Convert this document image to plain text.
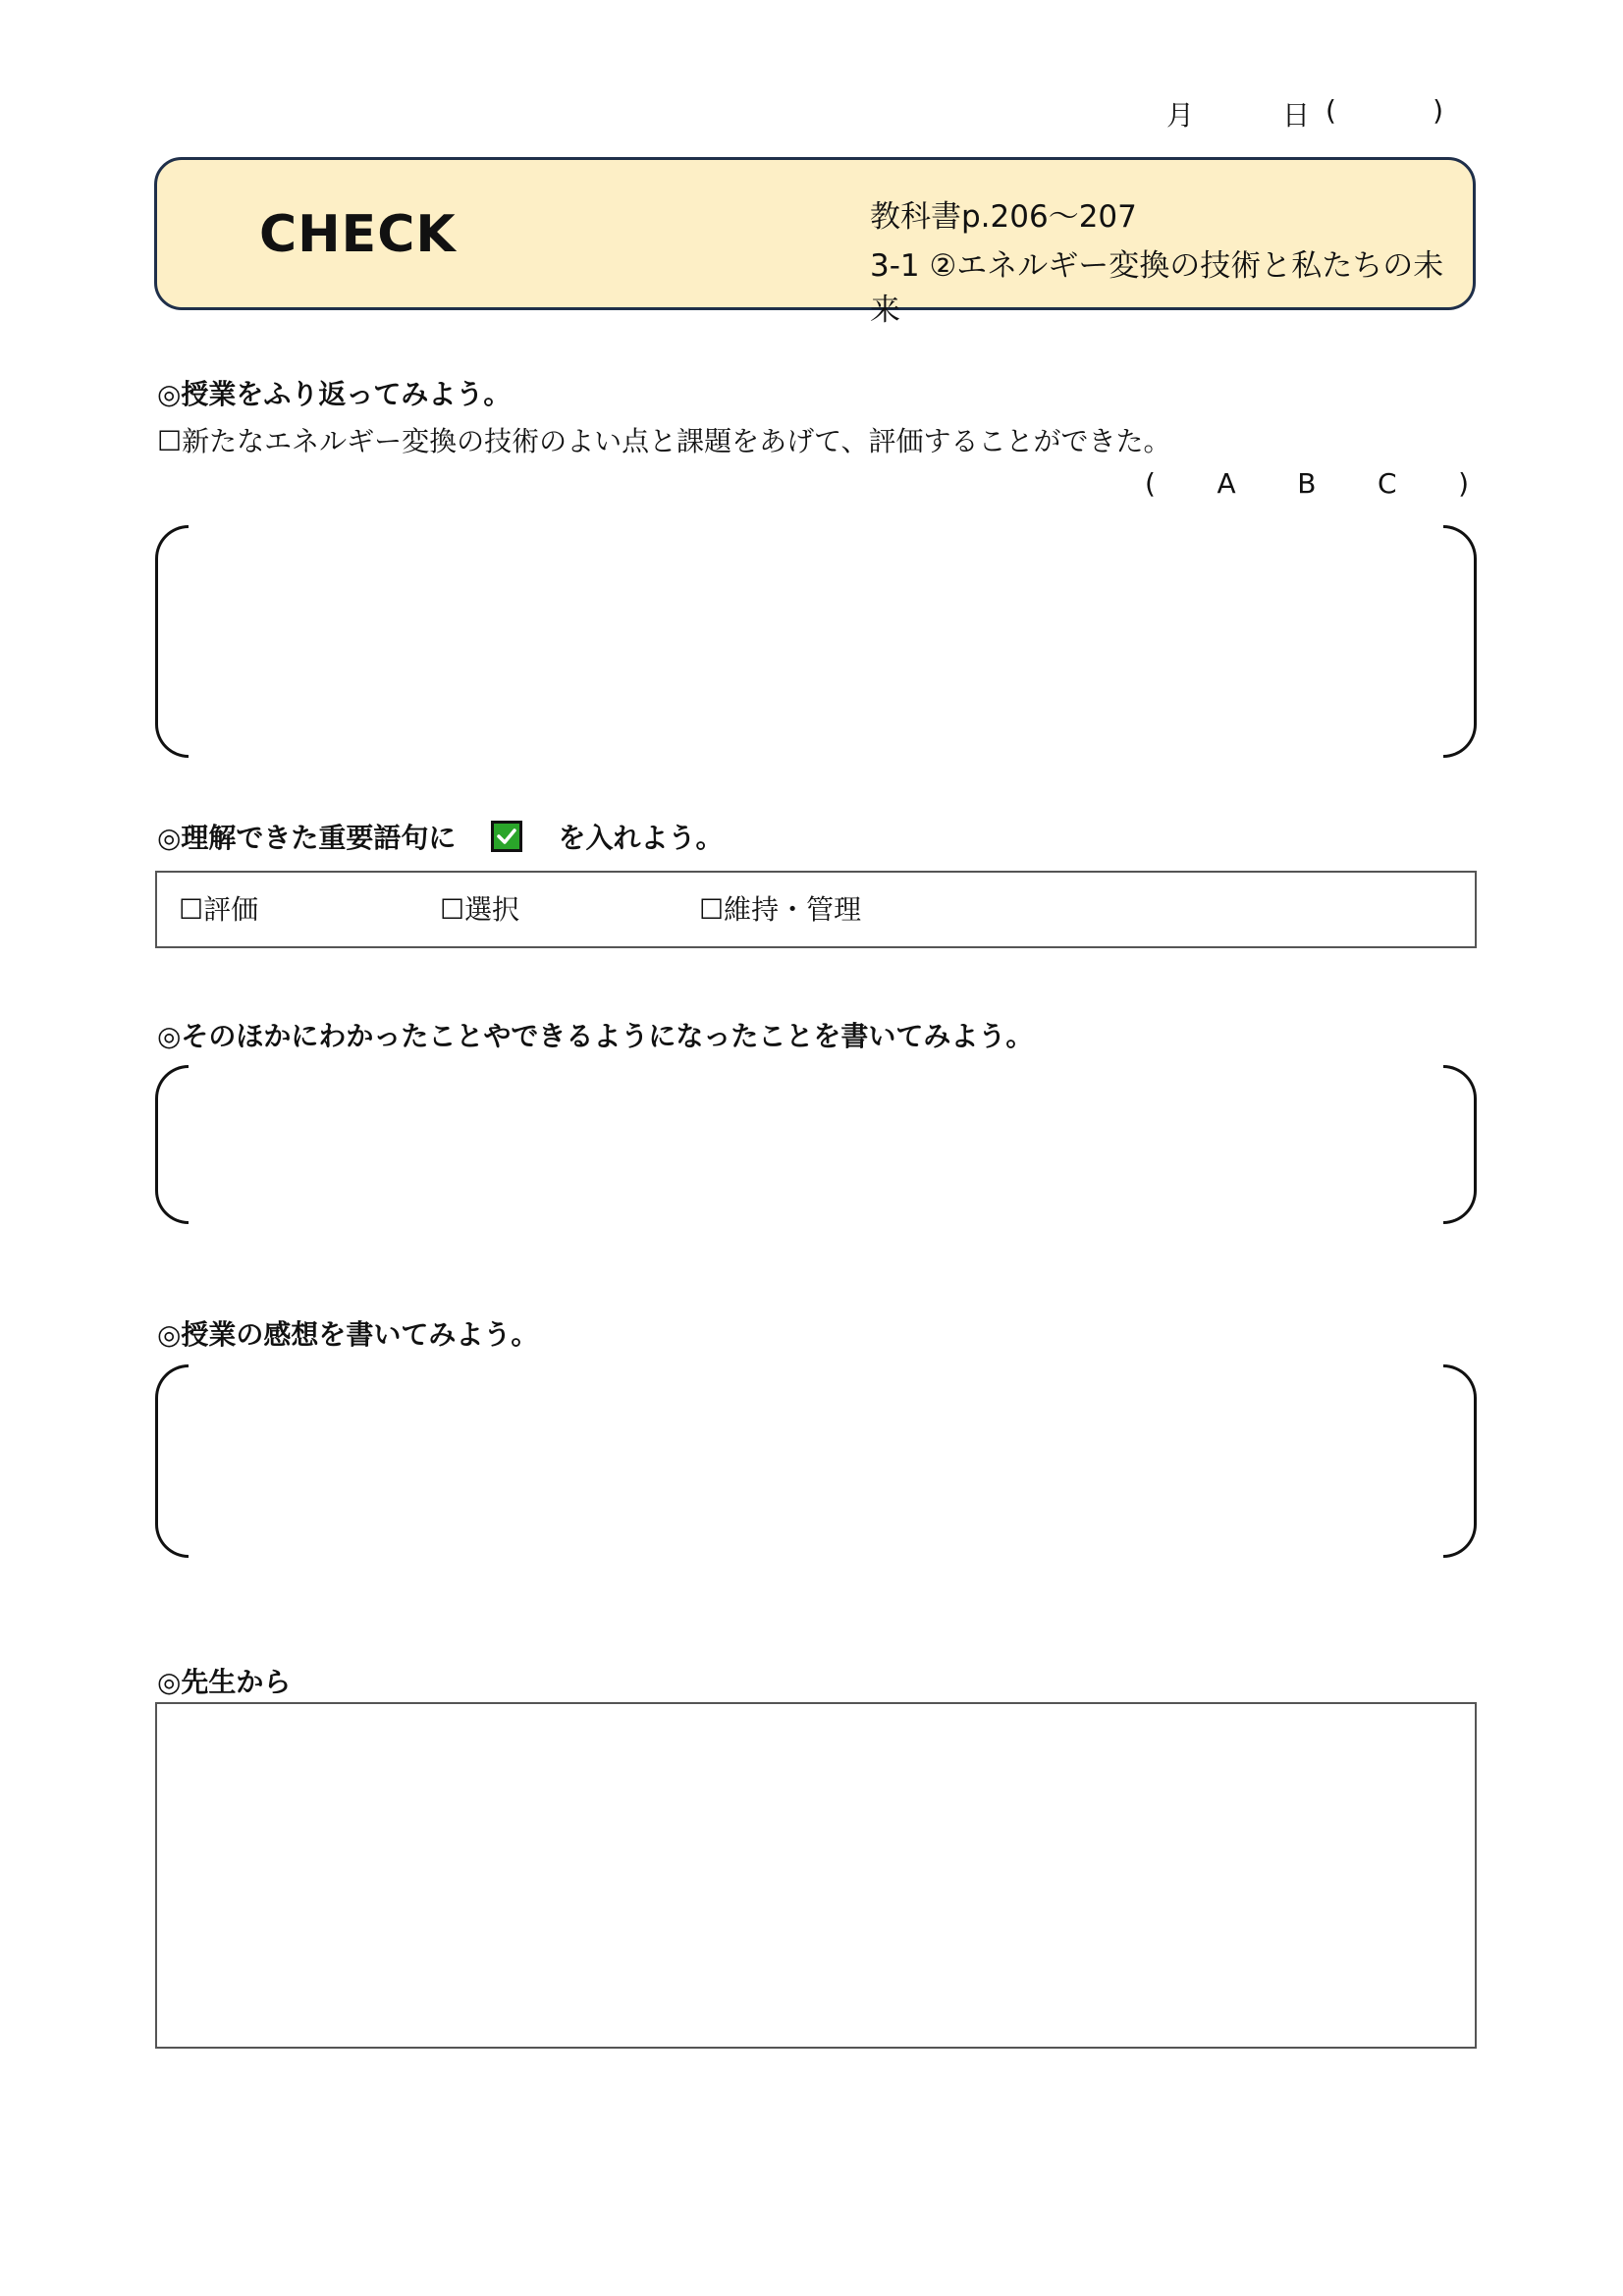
月	日 (	)
CHECK	教科書p.206〜207
3-1 ②エネルギー変換の技術と私たちの未来
◎授業をふり返ってみよう。
☐新たなエネルギー変換の技術のよい点と課題をあげて、評価することができた。
( A B C )
◎理解できた重要語句に	を入れよう。
☐評価	☐選択	☐維持・管理
◎そのほかにわかったことやできるようになったことを書いてみよう。
◎授業の感想を書いてみよう。
◎先生から
